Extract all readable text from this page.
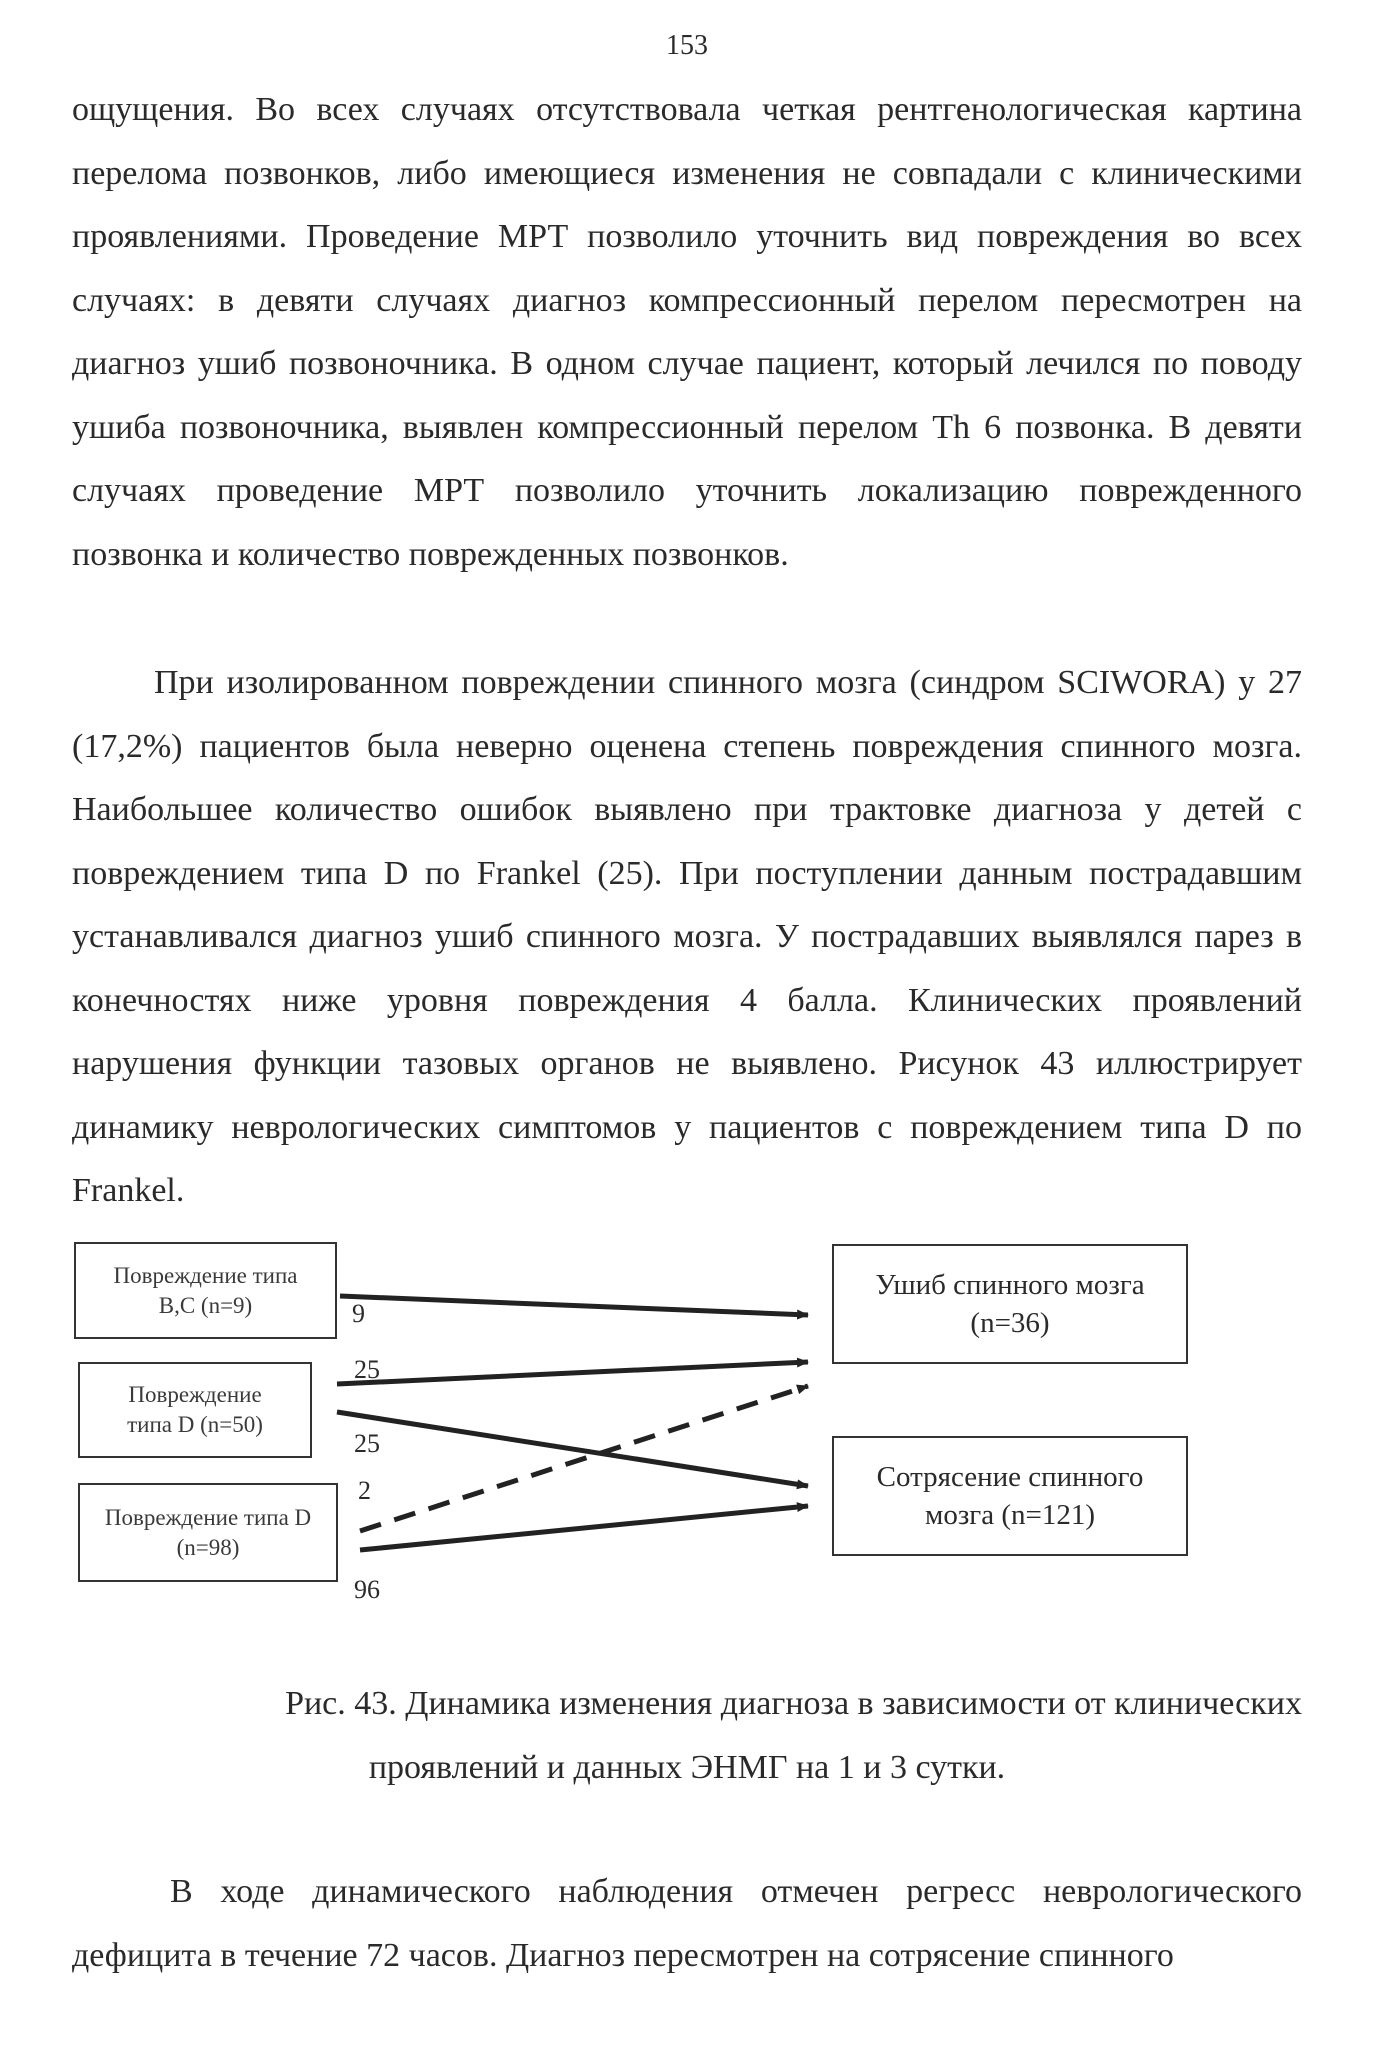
153

ощущения. Во всех случаях отсутствовала четкая рентгенологическая картина перелома позвонков, либо имеющиеся изменения не совпадали с клиническими проявлениями. Проведение МРТ позволило уточнить вид повреждения во всех случаях: в девяти случаях диагноз компрессионный перелом пересмотрен на диагноз ушиб позвоночника. В одном случае пациент, который лечился по поводу ушиба позвоночника, выявлен компрессионный перелом Th 6 позвонка. В девяти случаях проведение МРТ позволило уточнить локализацию поврежденного позвонка и количество поврежденных позвонков.

При изолированном повреждении спинного мозга (синдром SCIWORA) у 27 (17,2%) пациентов была неверно оценена степень повреждения спинного мозга. Наибольшее количество ошибок выявлено при трактовке диагноза у детей с повреждением типа D по Frankel (25). При поступлении данным пострадавшим устанавливался диагноз ушиб спинного мозга. У пострадавших выявлялся парез в конечностях ниже уровня повреждения 4 балла. Клинических проявлений нарушения функции тазовых органов не выявлено. Рисунок 43 иллюстрирует динамику неврологических симптомов у пациентов с повреждением типа D по Frankel.

9
25
25
2
96
Повреждение типа
B,C (n=9)
Повреждение
типа D (n=50)
Повреждение типа D
(n=98)
Ушиб спинного мозга
(n=36)
Сотрясение спинного
мозга (n=121)

Рис. 43. Динамика изменения диагноза в зависимости от клинических

проявлений и данных ЭНМГ на 1 и 3 сутки.

В ходе динамического наблюдения отмечен регресс неврологического дефицита в течение 72 часов. Диагноз пересмотрен на сотрясение спинного
